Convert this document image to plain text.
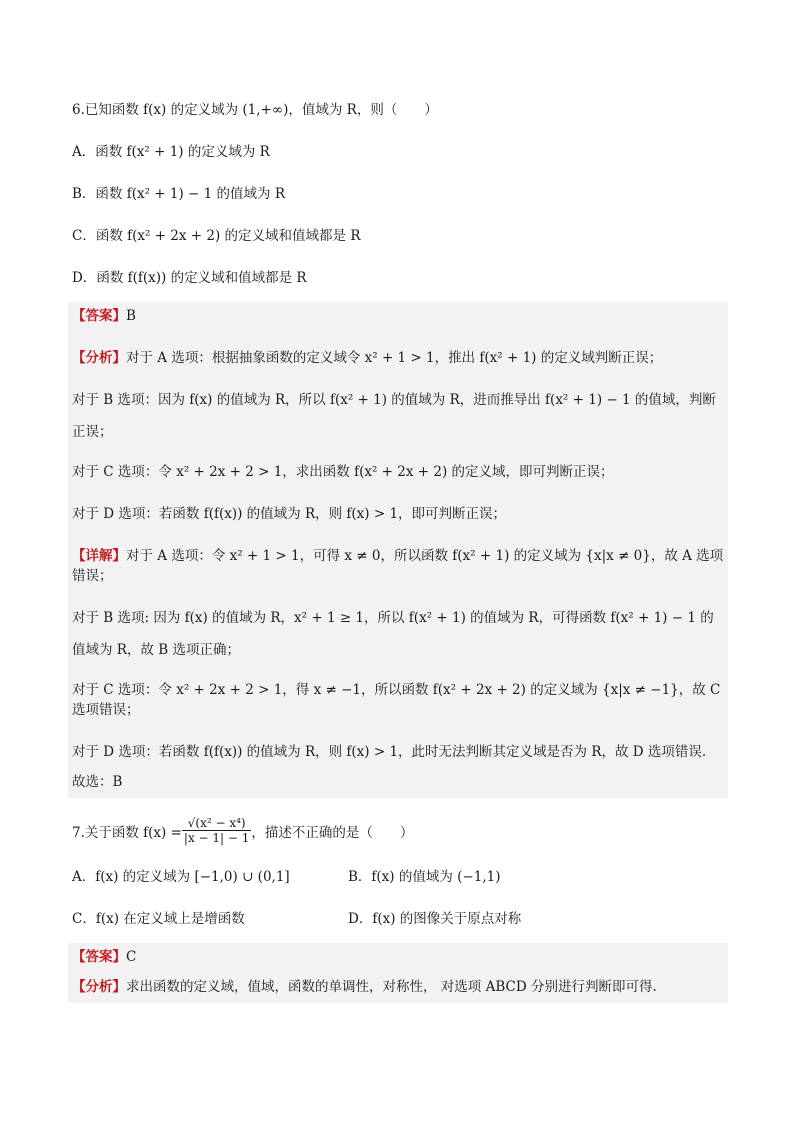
6.已知函数 f(x) 的定义域为 (1,+∞)，值域为 R，则（　　）
A．函数 f(x² + 1) 的定义域为 R
B．函数 f(x² + 1) − 1 的值域为 R
C．函数 f(x² + 2x + 2) 的定义域和值域都是 R
D．函数 f(f(x)) 的定义域和值域都是 R
【答案】B
【分析】对于 A 选项：根据抽象函数的定义域令 x² + 1 > 1，推出 f(x² + 1) 的定义域判断正误；
对于 B 选项：因为 f(x) 的值域为 R，所以 f(x² + 1) 的值域为 R，进而推导出 f(x² + 1) − 1 的值域，判断正误；
对于 C 选项：令 x² + 2x + 2 > 1，求出函数 f(x² + 2x + 2) 的定义域，即可判断正误；
对于 D 选项：若函数 f(f(x)) 的值域为 R，则 f(x) > 1，即可判断正误；
【详解】对于 A 选项：令 x² + 1 > 1，可得 x ≠ 0，所以函数 f(x² + 1) 的定义域为 {x|x ≠ 0}，故 A 选项错误；
对于 B 选项: 因为 f(x) 的值域为 R，x² + 1 ≥ 1，所以 f(x² + 1) 的值域为 R，可得函数 f(x² + 1) − 1 的值域为 R，故 B 选项正确；
对于 C 选项：令 x² + 2x + 2 > 1，得 x ≠ −1，所以函数 f(x² + 2x + 2) 的定义域为 {x|x ≠ −1}，故 C 选项错误；
对于 D 选项：若函数 f(f(x)) 的值域为 R，则 f(x) > 1，此时无法判断其定义域是否为 R，故 D 选项错误.
故选：B
7.关于函数 $f(x) = \frac{\text{√(x² − x⁴)}}{|x - 1| - 1}$ ，描述不正确的是（　　）
A．f(x) 的定义域为 [−1,0) ∪ (0,1]	B．f(x) 的值域为 (−1,1)
C．f(x) 在定义域上是增函数	D．f(x) 的图像关于原点对称
【答案】C
【分析】求出函数的定义域，值域，函数的单调性，对称性， 对选项 ABCD 分别进行判断即可得.
